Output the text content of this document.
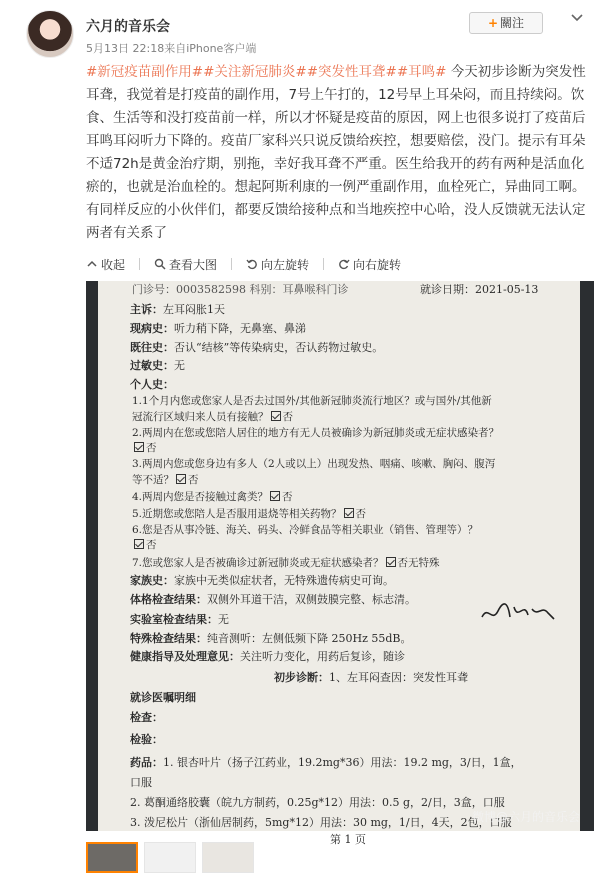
六月的音乐会
5月13日 22:18来自iPhone客户端
+ 關注
#新冠疫苗副作用##关注新冠肺炎##突发性耳聋##耳鸣# 今天初步诊断为突发性耳聋，我觉着是打疫苗的副作用，7号上午打的，12号早上耳朵闷，而且持续闷。饮食、生活等和没打疫苗前一样，所以才怀疑是疫苗的原因，网上也很多说打了疫苗后耳鸣耳闷听力下降的。疫苗厂家科兴只说反馈给疾控，想要赔偿，没门。提示有耳朵不适72h是黄金治疗期，别拖，幸好我耳聋不严重。医生给我开的药有两种是活血化瘀的，也就是治血栓的。想起阿斯利康的一例严重副作用，血栓死亡，异曲同工啊。有同样反应的小伙伴们，都要反馈给接种点和当地疾控中心哈，没人反馈就无法认定两者有关系了
收起	查看大图	向左旋转	向右旋转
门诊号：0003582598 科别：耳鼻喉科门诊	就诊日期：2021-05-13
主诉：左耳闷胀1天
现病史：听力稍下降，无鼻塞、鼻涕
既往史：否认“结核”等传染病史，否认药物过敏史。
过敏史：无
个人史：
1.1个月内您或您家人是否去过国外/其他新冠肺炎流行地区？或与国外/其他新
冠流行区域归来人员有接触？ 否
2.两周内在您或您陪人居住的地方有无人员被确诊为新冠肺炎或无症状感染者？
否
3.两周内您或您身边有多人（2人或以上）出现发热、咽痛、咳嗽、胸闷、腹泻
等不适？ 否
4.两周内您是否接触过禽类？ 否
5.近期您或您陪人是否服用退烧等相关药物？ 否
6.您是否从事冷链、海关、码头、冷鲜食品等相关职业（销售、管理等）？
否
7.您或您家人是否被确诊过新冠肺炎或无症状感染者？ 否无特殊
家族史：家族中无类似症状者，无特殊遗传病史可询。
体格检查结果：双侧外耳道干洁，双侧鼓膜完整、标志清。
实验室检查结果：无
特殊检查结果：纯音测听：左侧低频下降 250Hz 55dB。
健康指导及处理意见：关注听力变化，用药后复诊，随诊
初步诊断：1、左耳闷查因：突发性耳聋
就诊医嘱明细
检查：
检验：
药品：1. 银杏叶片（扬子江药业，19.2mg*36）用法：19.2 mg，3/日，1盒，
口服
2. 葛酮通络胶囊（皖九方制药，0.25g*12）用法：0.5 g，2/日，3盒，口服
3. 泼尼松片（浙仙居制药，5mg*12）用法：30 mg，1/日，4天，2包，口服
第 1 页
微博@六月的音乐会
